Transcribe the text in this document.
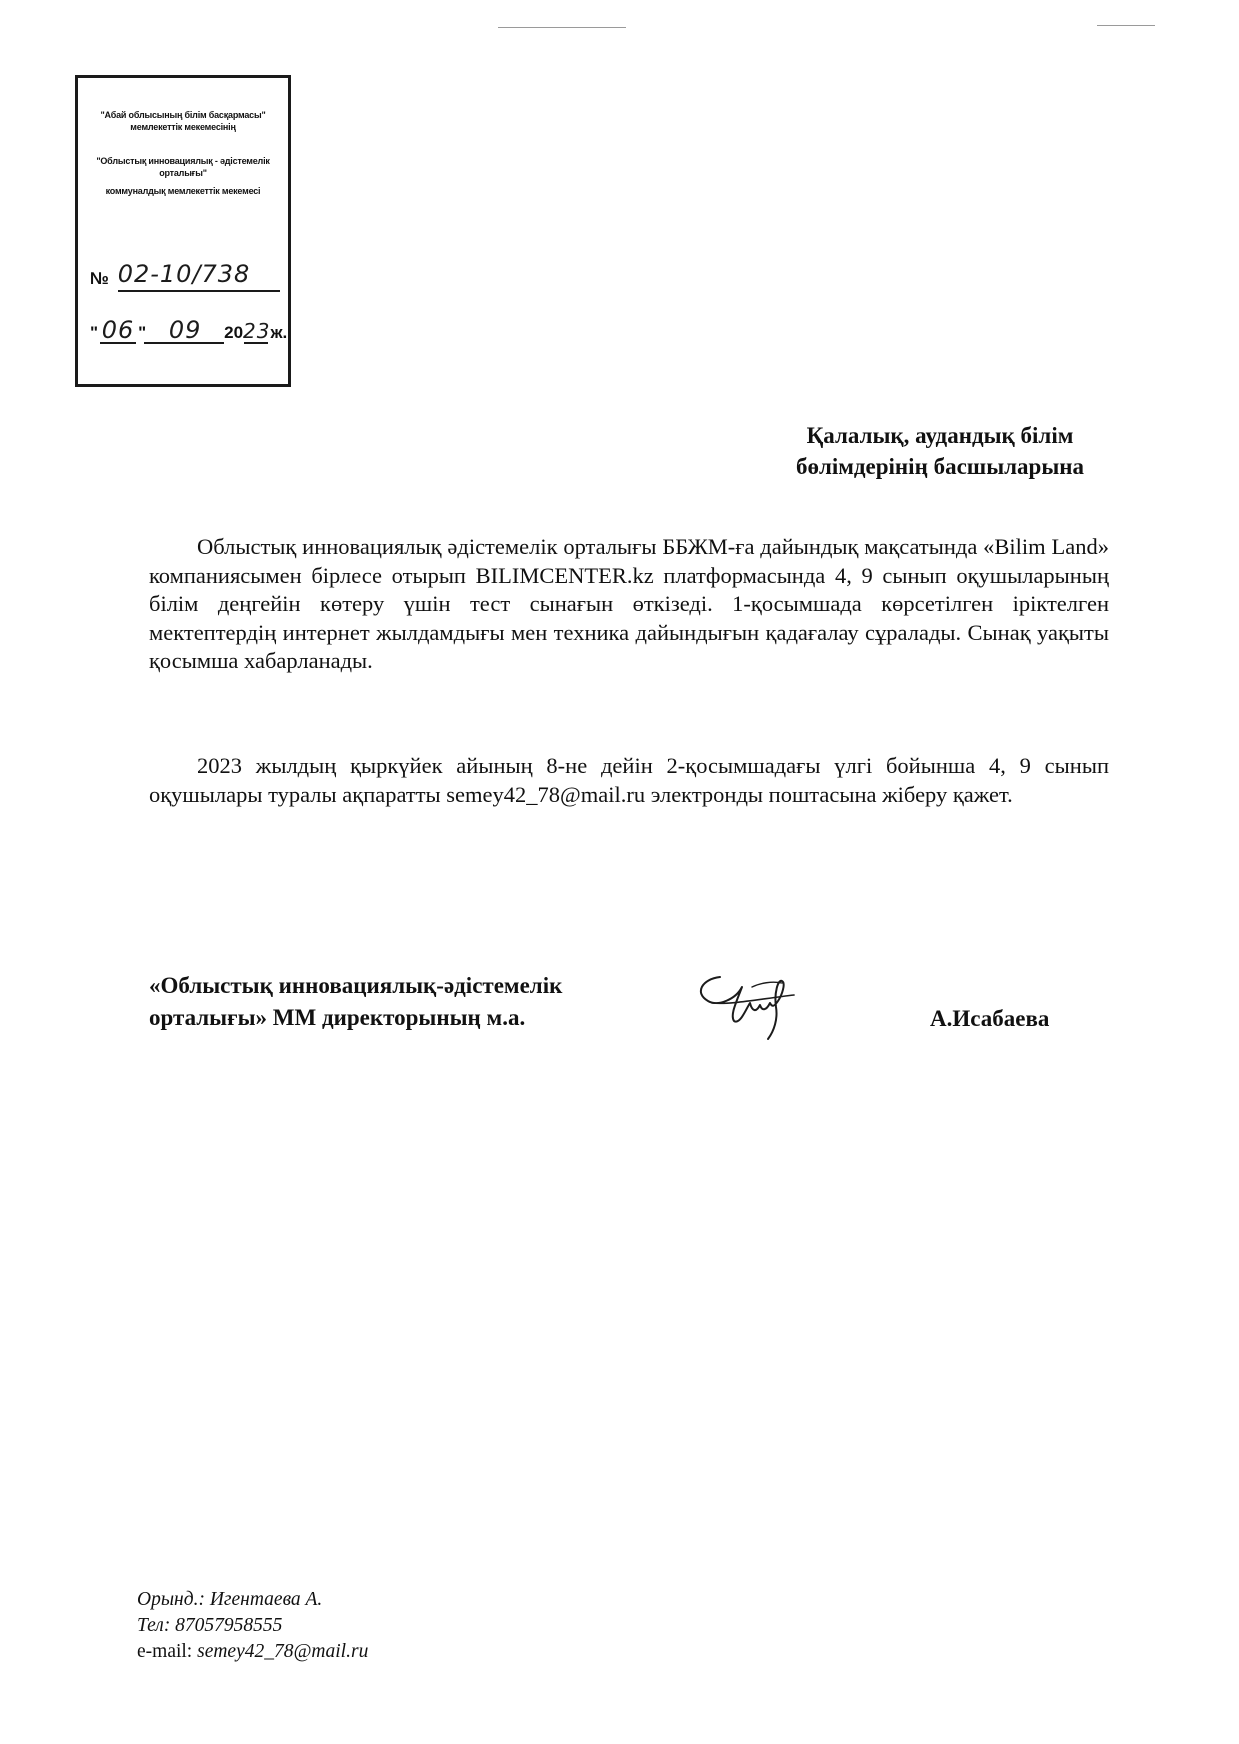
"Абай облысының білім басқармасы"
мемлекеттік мекемесінің
"Облыстық инновациялық - әдістемелік
орталығы"
коммуналдық мемлекеттік мекемесі
№ 02-10/738
" 06 " 09 2023ж.
Қалалық, аудандық білім
бөлімдерінің басшыларына
Облыстық инновациялық әдістемелік орталығы ББЖМ-ға дайындық мақсатында «Bilim Land» компаниясымен бірлесе отырып BILIMCENTER.kz платформасында 4, 9 сынып оқушыларының білім деңгейін көтеру үшін тест сынағын өткізеді. 1-қосымшада көрсетілген іріктелген мектептердің интернет жылдамдығы мен техника дайындығын қадағалау сұралады. Сынақ уақыты қосымша хабарланады.
2023 жылдың қыркүйек айының 8-не дейін 2-қосымшадағы үлгі бойынша 4, 9 сынып оқушылары туралы ақпаратты semey42_78@mail.ru электронды поштасына жіберу қажет.
«Облыстық инновациялық-әдістемелік
орталығы» ММ директорының м.а.	А.Исабаева
Орынд.: Игентаева А.
Тел: 87057958555
e-mail: semey42_78@mail.ru
